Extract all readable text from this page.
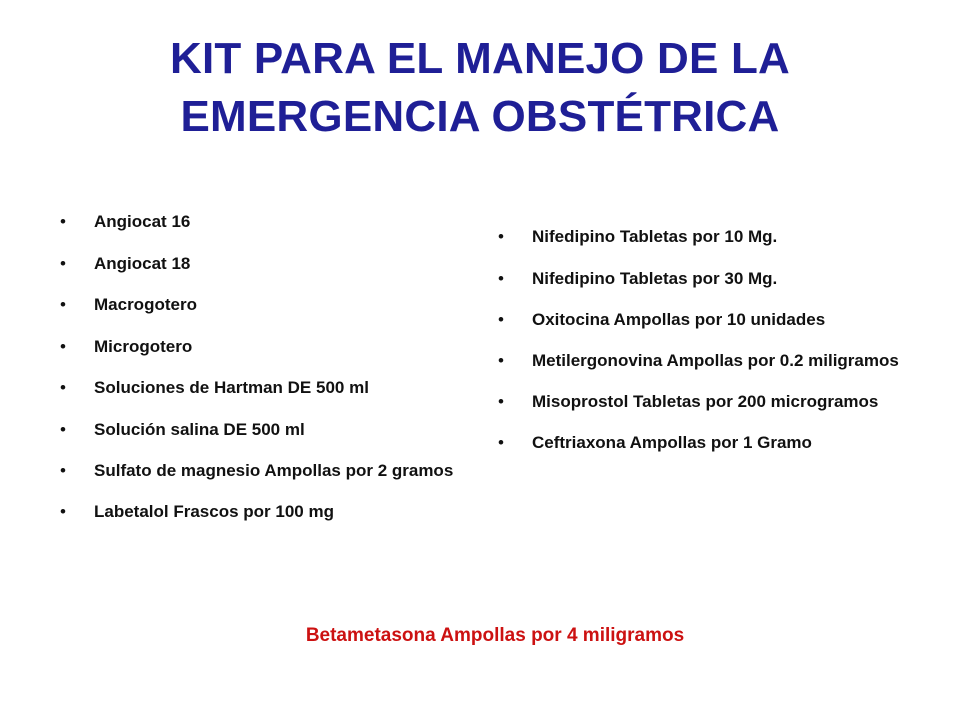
KIT PARA EL MANEJO DE LA
EMERGENCIA OBSTÉTRICA
• Angiocat 16
• Angiocat 18
• Macrogotero
• Microgotero
• Soluciones de Hartman DE 500 ml
• Solución salina DE 500 ml
• Sulfato de magnesio Ampollas por 2 gramos
• Labetalol Frascos por 100 mg
• Nifedipino Tabletas por 10 Mg.
• Nifedipino Tabletas por 30 Mg.
• Oxitocina Ampollas por 10 unidades
• Metilergonovina Ampollas por 0.2 miligramos
• Misoprostol Tabletas por 200 microgramos
• Ceftriaxona Ampollas por 1 Gramo
Betametasona Ampollas por 4 miligramos
